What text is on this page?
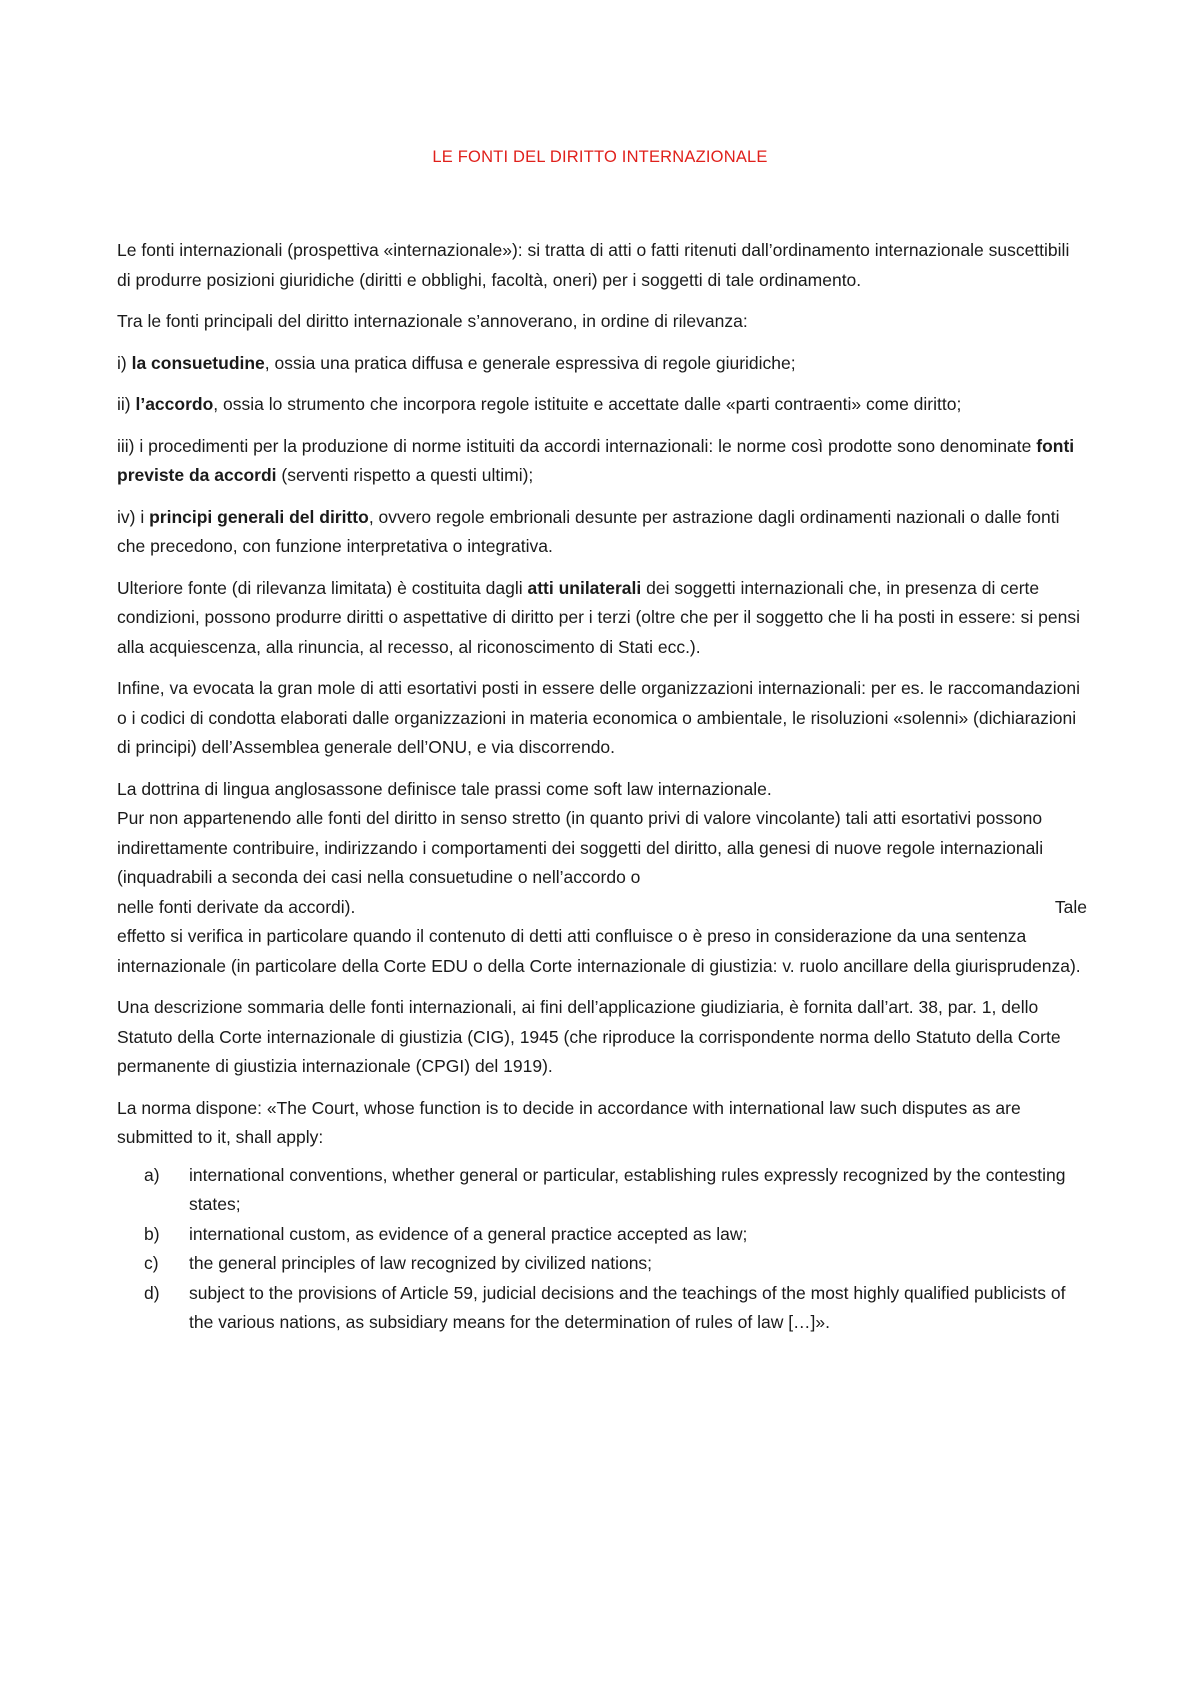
LE FONTI DEL DIRITTO INTERNAZIONALE

Le fonti internazionali (prospettiva «internazionale»): si tratta di atti o fatti ritenuti dall’ordinamento internazionale suscettibili di produrre posizioni giuridiche (diritti e obblighi, facoltà, oneri) per i soggetti di tale ordinamento.

Tra le fonti principali del diritto internazionale s’annoverano, in ordine di rilevanza:

i) la consuetudine, ossia una pratica diffusa e generale espressiva di regole giuridiche;

ii) l’accordo, ossia lo strumento che incorpora regole istituite e accettate dalle «parti contraenti» come diritto;

iii) i procedimenti per la produzione di norme istituiti da accordi internazionali: le norme così prodotte sono denominate fonti previste da accordi (serventi rispetto a questi ultimi);

iv) i principi generali del diritto, ovvero regole embrionali desunte per astrazione dagli ordinamenti nazionali o dalle fonti che precedono, con funzione interpretativa o integrativa.

Ulteriore fonte (di rilevanza limitata) è costituita dagli atti unilaterali dei soggetti internazionali che, in presenza di certe condizioni, possono produrre diritti o aspettative di diritto per i terzi (oltre che per il soggetto che li ha posti in essere: si pensi alla acquiescenza, alla rinuncia, al recesso, al riconoscimento di Stati ecc.).

Infine, va evocata la gran mole di atti esortativi posti in essere delle organizzazioni internazionali: per es. le raccomandazioni o i codici di condotta elaborati dalle organizzazioni in materia economica o ambientale, le risoluzioni «solenni» (dichiarazioni di principi) dell’Assemblea generale dell’ONU, e via discorrendo.

La dottrina di lingua anglosassone definisce tale prassi come soft law internazionale.
Pur non appartenendo alle fonti del diritto in senso stretto (in quanto privi di valore vincolante) tali atti esortativi possono indirettamente contribuire, indirizzando i comportamenti dei soggetti del diritto, alla genesi di nuove regole internazionali (inquadrabili a seconda dei casi nella consuetudine o nell’accordo o
nelle fonti derivate da accordi).	Tale
effetto si verifica in particolare quando il contenuto di detti atti confluisce o è preso in considerazione da una sentenza internazionale (in particolare della Corte EDU o della Corte internazionale di giustizia: v. ruolo ancillare della giurisprudenza).

Una descrizione sommaria delle fonti internazionali, ai fini dell’applicazione giudiziaria, è fornita dall’art. 38, par. 1, dello Statuto della Corte internazionale di giustizia (CIG), 1945 (che riproduce la corrispondente norma dello Statuto della Corte permanente di giustizia internazionale (CPGI) del 1919).

La norma dispone: «The Court, whose function is to decide in accordance with international law such disputes as are submitted to it, shall apply:

a)	international conventions, whether general or particular, establishing rules expressly recognized by the contesting states;
b)	international custom, as evidence of a general practice accepted as law;
c)	the general principles of law recognized by civilized nations;
d)	subject to the provisions of Article 59, judicial decisions and the teachings of the most highly qualified publicists of the various nations, as subsidiary means for the determination of rules of law […]».
